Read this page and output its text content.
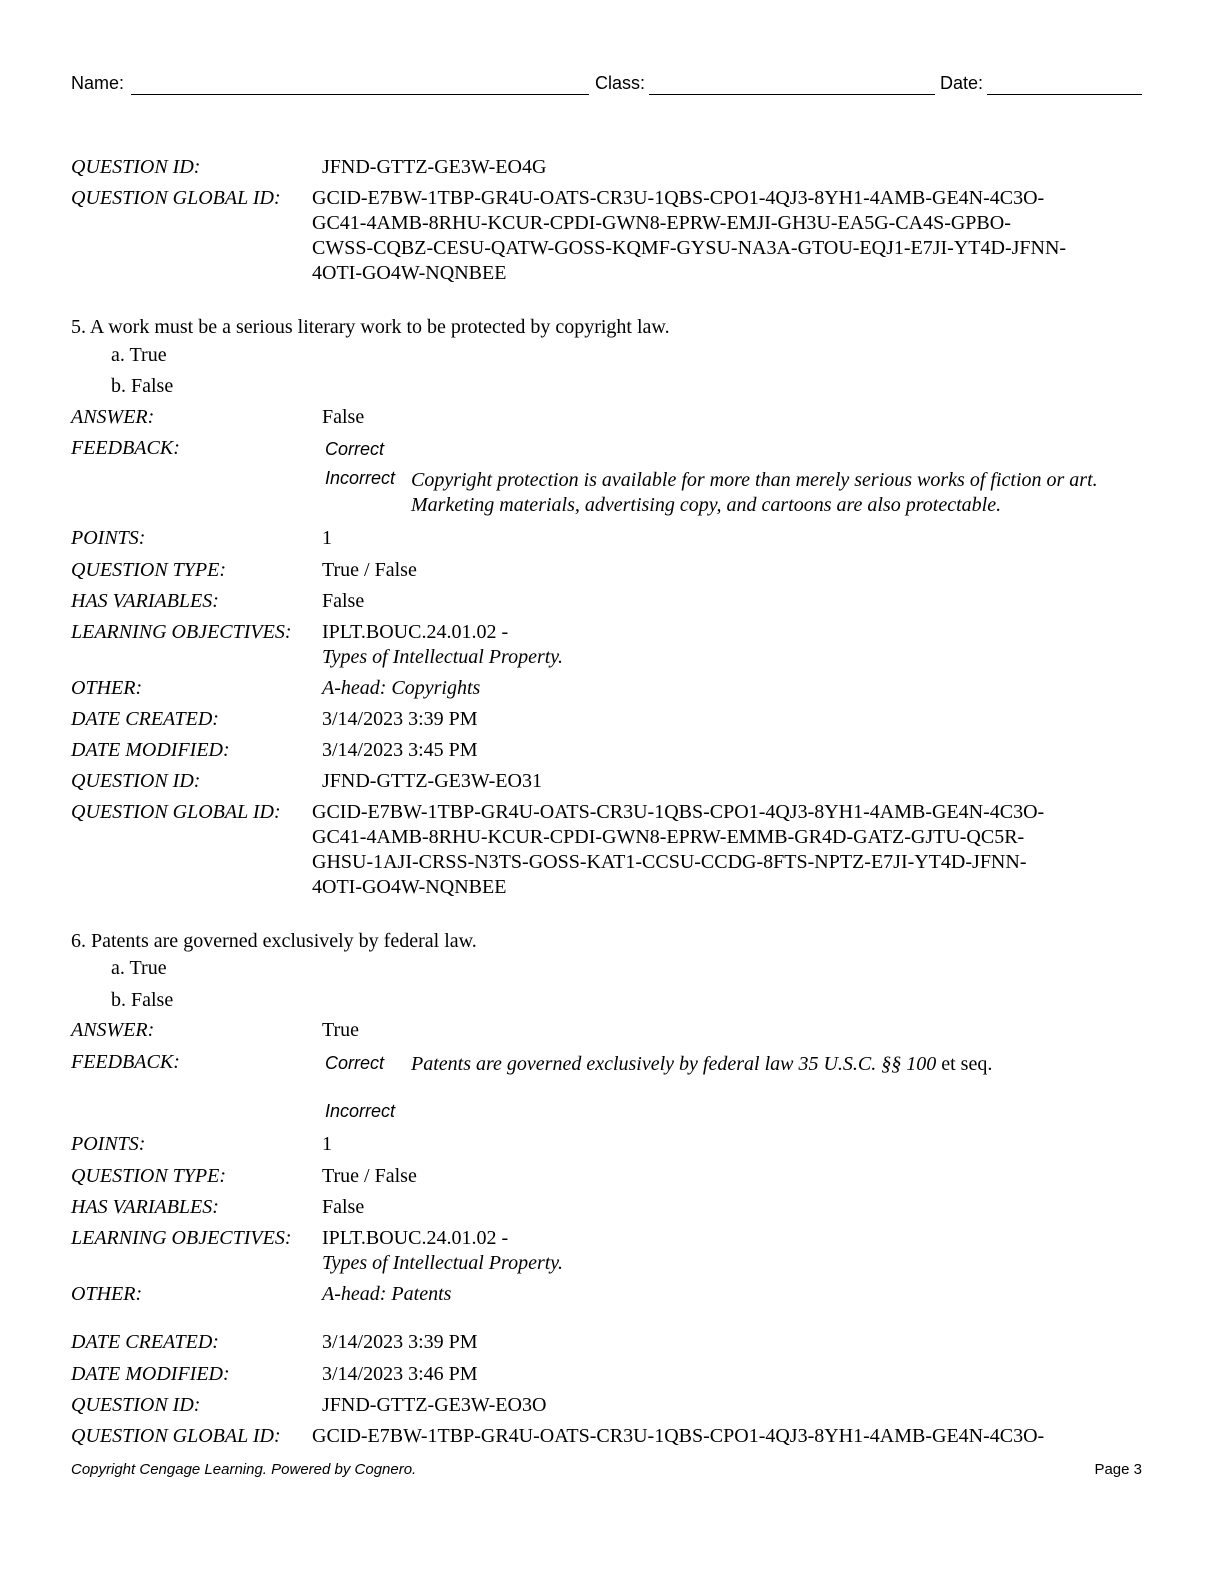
Name:	Class:	Date:
QUESTION ID:	JFND-GTTZ-GE3W-EO4G
QUESTION GLOBAL ID: GCID-E7BW-1TBP-GR4U-OATS-CR3U-1QBS-CPO1-4QJ3-8YH1-4AMB-GE4N-4C3O-
GC41-4AMB-8RHU-KCUR-CPDI-GWN8-EPRW-EMJI-GH3U-EA5G-CA4S-GPBO-
CWSS-CQBZ-CESU-QATW-GOSS-KQMF-GYSU-NA3A-GTOU-EQJ1-E7JI-YT4D-JFNN-
4OTI-GO4W-NQNBEE
5. A work must be a serious literary work to be protected by copyright law.
a. True
b. False
ANSWER:	False
FEEDBACK:	Correct
Incorrect Copyright protection is available for more than merely serious works of fiction or art. Marketing materials, advertising copy, and cartoons are also protectable.
POINTS:	1
QUESTION TYPE:	True / False
HAS VARIABLES:	False
LEARNING OBJECTIVES: IPLT.BOUC.24.01.02 -
Types of Intellectual Property.
OTHER:	A-head: Copyrights
DATE CREATED:	3/14/2023 3:39 PM
DATE MODIFIED:	3/14/2023 3:45 PM
QUESTION ID:	JFND-GTTZ-GE3W-EO31
QUESTION GLOBAL ID: GCID-E7BW-1TBP-GR4U-OATS-CR3U-1QBS-CPO1-4QJ3-8YH1-4AMB-GE4N-4C3O-
GC41-4AMB-8RHU-KCUR-CPDI-GWN8-EPRW-EMMB-GR4D-GATZ-GJTU-QC5R-
GHSU-1AJI-CRSS-N3TS-GOSS-KAT1-CCSU-CCDG-8FTS-NPTZ-E7JI-YT4D-JFNN-
4OTI-GO4W-NQNBEE
6. Patents are governed exclusively by federal law.
a. True
b. False
ANSWER:	True
FEEDBACK:	Correct Patents are governed exclusively by federal law 35 U.S.C. §§ 100 et seq.
Incorrect
POINTS:	1
QUESTION TYPE:	True / False
HAS VARIABLES:	False
LEARNING OBJECTIVES: IPLT.BOUC.24.01.02 -
Types of Intellectual Property.
OTHER:	A-head: Patents
DATE CREATED:	3/14/2023 3:39 PM
DATE MODIFIED:	3/14/2023 3:46 PM
QUESTION ID:	JFND-GTTZ-GE3W-EO3O
QUESTION GLOBAL ID: GCID-E7BW-1TBP-GR4U-OATS-CR3U-1QBS-CPO1-4QJ3-8YH1-4AMB-GE4N-4C3O-
Copyright Cengage Learning. Powered by Cognero.	Page 3
